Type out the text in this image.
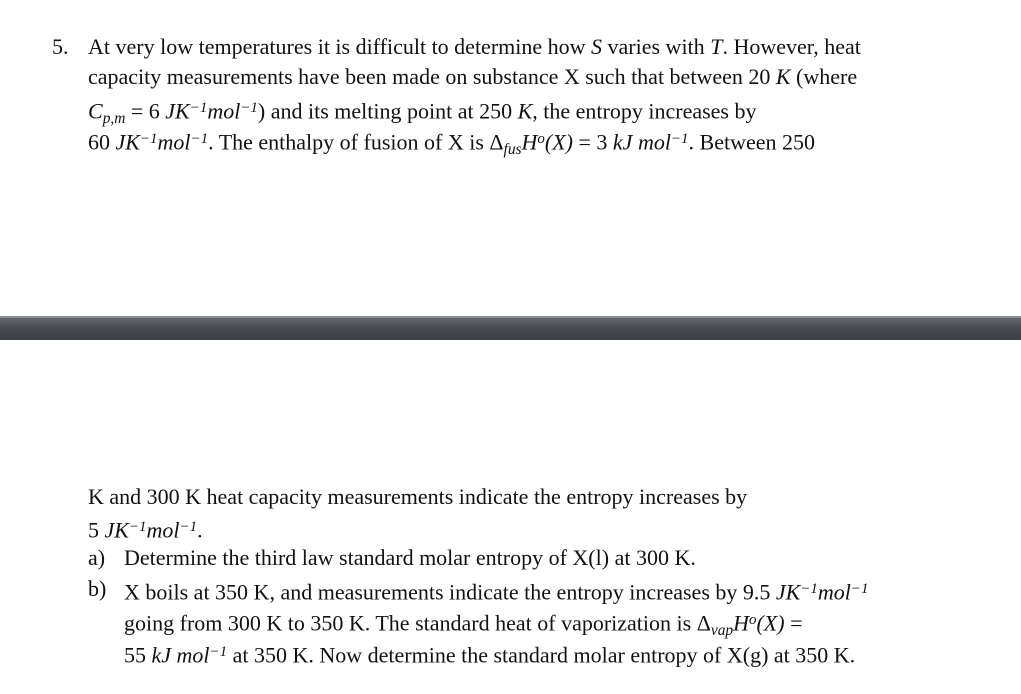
5. At very low temperatures it is difficult to determine how S varies with T. However, heat
capacity measurements have been made on substance X such that between 20 K (where
Cp,m = 6 $JK^{-1}mol^{-1}$) and its melting point at 250 K, the entropy increases by
60 $JK^{-1}mol^{-1}$. The enthalpy of fusion of X is ΔfusH$^o$(X) = 3 kJ mol$^{-1}$. Between 250
K and 300 K heat capacity measurements indicate the entropy increases by
5 $JK^{-1}mol^{-1}$.
a) Determine the third law standard molar entropy of X(l) at 300 K.
b) X boils at 350 K, and measurements indicate the entropy increases by 9.5 $JK^{-1}mol^{-1}$
going from 300 K to 350 K. The standard heat of vaporization is ΔvapH$^o$(X) =
55 kJ mol$^{-1}$ at 350 K. Now determine the standard molar entropy of X(g) at 350 K.
